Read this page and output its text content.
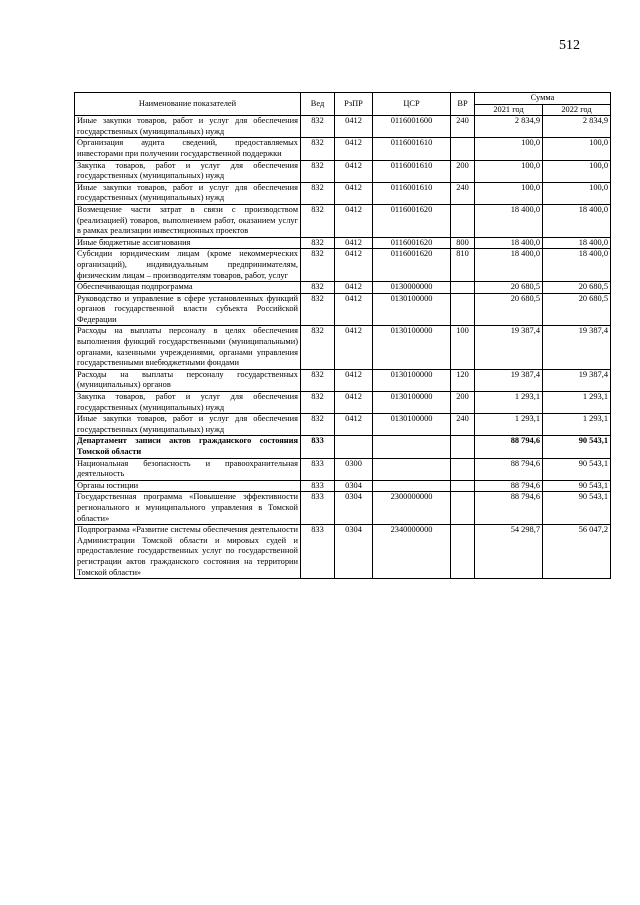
512
Наименование показателей	Вед	РзПР	ЦСР	ВР	Сумма	
					2021 год	2022 год
Иные закупки товаров, работ и услуг для обеспечения государственных (муниципальных) нужд	832	0412	0116001600	240	2 834,9	2 834,9
Организация аудита сведений, предоставляемых инвесторами при получении государственной поддержки	832	0412	0116001610		100,0	100,0
Закупка товаров, работ и услуг для обеспечения государственных (муниципальных) нужд	832	0412	0116001610	200	100,0	100,0
Иные закупки товаров, работ и услуг для обеспечения государственных (муниципальных) нужд	832	0412	0116001610	240	100,0	100,0
Возмещение части затрат в связи с производством (реализацией) товаров, выполнением работ, оказанием услуг в рамках реализации инвестиционных проектов	832	0412	0116001620		18 400,0	18 400,0
Иные бюджетные ассигнования	832	0412	0116001620	800	18 400,0	18 400,0
Субсидии юридическим лицам (кроме некоммерческих организаций), индивидуальным предпринимателям, физическим лицам – производителям товаров, работ, услуг	832	0412	0116001620	810	18 400,0	18 400,0
Обеспечивающая подпрограмма	832	0412	0130000000		20 680,5	20 680,5
Руководство и управление в сфере установленных функций органов государственной власти субъекта Российской Федерации	832	0412	0130100000		20 680,5	20 680,5
Расходы на выплаты персоналу в целях обеспечения выполнения функций государственными (муниципальными) органами, казенными учреждениями, органами управления государственными внебюджетными фондами	832	0412	0130100000	100	19 387,4	19 387,4
Расходы на выплаты персоналу государственных (муниципальных) органов	832	0412	0130100000	120	19 387,4	19 387,4
Закупка товаров, работ и услуг для обеспечения государственных (муниципальных) нужд	832	0412	0130100000	200	1 293,1	1 293,1
Иные закупки товаров, работ и услуг для обеспечения государственных (муниципальных) нужд	832	0412	0130100000	240	1 293,1	1 293,1
Департамент записи актов гражданского состояния Томской области	833				88 794,6	90 543,1
Национальная безопасность и правоохранительная деятельность	833	0300			88 794,6	90 543,1
Органы юстиции	833	0304			88 794,6	90 543,1
Государственная программа «Повышение эффективности регионального и муниципального управления в Томской области»	833	0304	2300000000		88 794,6	90 543,1
Подпрограмма «Развитие системы обеспечения деятельности Администрации Томской области и мировых судей и предоставление государственных услуг по государственной регистрации актов гражданского состояния на территории Томской области»	833	0304	2340000000		54 298,7	56 047,2
